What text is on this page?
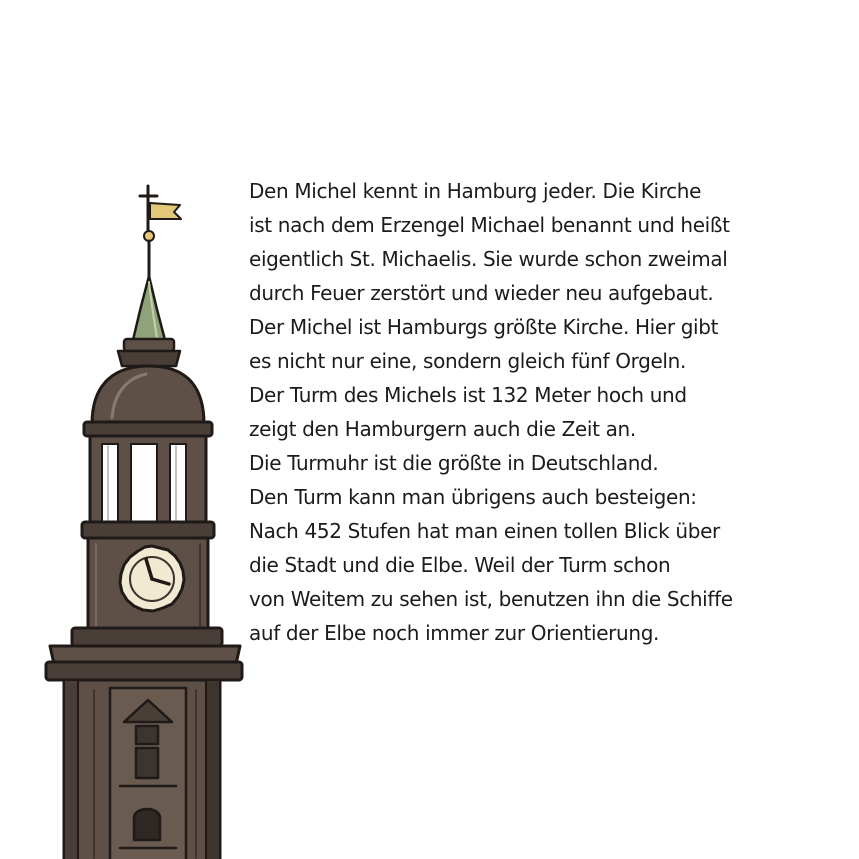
Den Michel kennt in Hamburg jeder. Die Kirche
ist nach dem Erzengel Michael benannt und heißt
eigentlich St. Michaelis. Sie wurde schon zweimal
durch Feuer zerstört und wieder neu aufgebaut.
Der Michel ist Hamburgs größte Kirche. Hier gibt
es nicht nur eine, sondern gleich fünf Orgeln.
Der Turm des Michels ist 132 Meter hoch und
zeigt den Hamburgern auch die Zeit an.
Die Turmuhr ist die größte in Deutschland.
Den Turm kann man übrigens auch besteigen:
Nach 452 Stufen hat man einen tollen Blick über
die Stadt und die Elbe. Weil der Turm schon
von Weitem zu sehen ist, benutzen ihn die Schiffe
auf der Elbe noch immer zur Orientierung.
